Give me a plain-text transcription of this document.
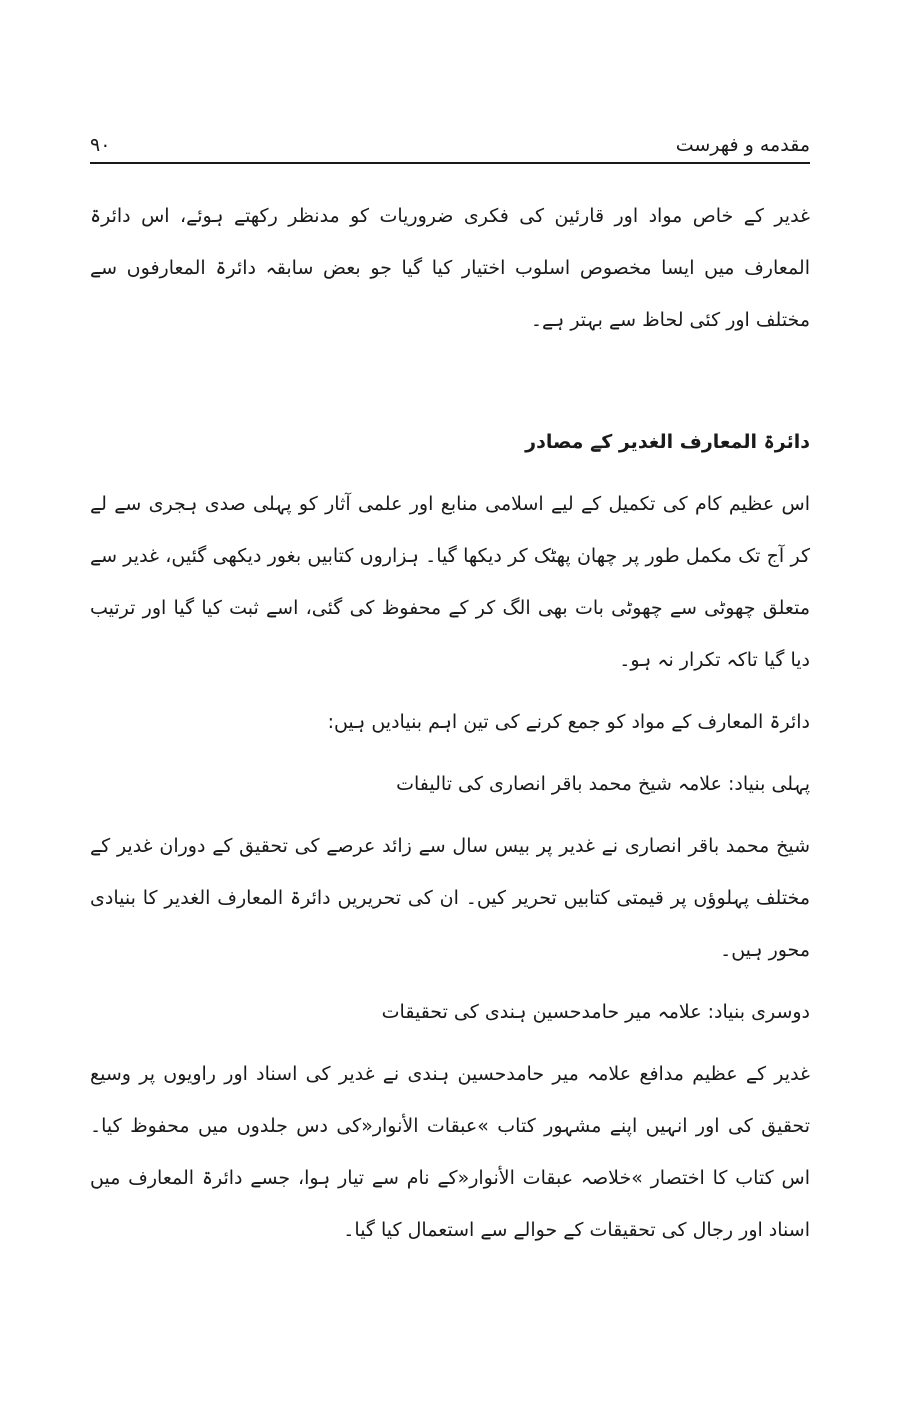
مقدمه و فهرست
۹۰

غدیر کے خاص مواد اور قارئین کی فکری ضروریات کو مدنظر رکھتے ہوئے، اس دائرۃ المعارف میں ایسا مخصوص اسلوب اختیار کیا گیا جو بعض سابقہ دائرۃ المعارفوں سے مختلف اور کئی لحاظ سے بہتر ہے۔

دائرۃ المعارف الغدیر کے مصادر

اس عظیم کام کی تکمیل کے لیے اسلامی منابع اور علمی آثار کو پہلی صدی ہجری سے لے کر آج تک مکمل طور پر چھان پھٹک کر دیکھا گیا۔ ہزاروں کتابیں بغور دیکھی گئیں، غدیر سے متعلق چھوٹی سے چھوٹی بات بھی الگ کر کے محفوظ کی گئی، اسے ثبت کیا گیا اور ترتیب دیا گیا تاکہ تکرار نہ ہو۔

دائرۃ المعارف کے مواد کو جمع کرنے کی تین اہم بنیادیں ہیں:

پہلی بنیاد: علامہ شیخ محمد باقر انصاری کی تالیفات

شیخ محمد باقر انصاری نے غدیر پر بیس سال سے زائد عرصے کی تحقیق کے دوران غدیر کے مختلف پہلوؤں پر قیمتی کتابیں تحریر کیں۔ ان کی تحریریں دائرۃ المعارف الغدیر کا بنیادی محور ہیں۔

دوسری بنیاد: علامہ میر حامدحسین ہندی کی تحقیقات

غدیر کے عظیم مدافع علامہ میر حامدحسین ہندی نے غدیر کی اسناد اور راویوں پر وسیع تحقیق کی اور انہیں اپنے مشہور کتاب »عبقات الأنوار«کی دس جلدوں میں محفوظ کیا۔ اس کتاب کا اختصار »خلاصہ عبقات الأنوار«کے نام سے تیار ہوا، جسے دائرۃ المعارف میں اسناد اور رجال کی تحقیقات کے حوالے سے استعمال کیا گیا۔
